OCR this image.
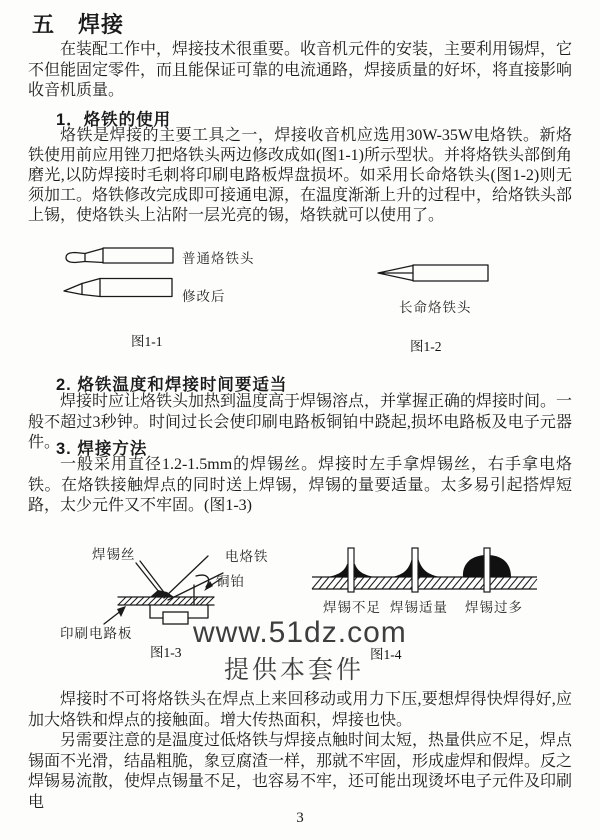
五　焊接

在装配工作中，焊接技术很重要。收音机元件的安装，主要利用锡焊，它不但能固定零件，而且能保证可靠的电流通路，焊接质量的好坏，将直接影响收音机质量。

1．烙铁的使用

烙铁是焊接的主要工具之一，焊接收音机应选用30W-35W电烙铁。新烙铁使用前应用锉刀把烙铁头两边修改成如(图1-1)所示型状。并将烙铁头部倒角磨光,以防焊接时毛刺将印刷电路板焊盘损坏。如采用长命烙铁头(图1-2)则无须加工。烙铁修改完成即可接通电源，在温度渐渐上升的过程中，给烙铁头部上锡，使烙铁头上沾附一层光亮的锡，烙铁就可以使用了。

普通烙铁头
修改后
图1-1
长命烙铁头
图1-2
2. 烙铁温度和焊接时间要适当

焊接时应让烙铁头加热到温度高于焊锡溶点，并掌握正确的焊接时间。一般不超过3秒钟。时间过长会使印刷电路板铜铂中跷起,损坏电路板及电子元器件。

3. 焊接方法

一般采用直径1.2-1.5mm的焊锡丝。焊接时左手拿焊锡丝，右手拿电烙铁。在烙铁接触焊点的同时送上焊锡，焊锡的量要适量。太多易引起搭焊短路，太少元件又不牢固。(图1-3)

焊锡丝	电烙铁
铜铂
印刷电路板
图1-3
焊锡不足 焊锡适量 焊锡过多
图1-4
www.51dz.com
提供本套件

焊接时不可将烙铁头在焊点上来回移动或用力下压,要想焊得快焊得好,应加大烙铁和焊点的接触面。增大传热面积，焊接也快。

另需要注意的是温度过低烙铁与焊接点触时间太短，热量供应不足，焊点锡面不光滑，结晶粗脆，象豆腐渣一样，那就不牢固，形成虚焊和假焊。反之焊锡易流散，使焊点锡量不足，也容易不牢，还可能出现烫坏电子元件及印刷电

3
